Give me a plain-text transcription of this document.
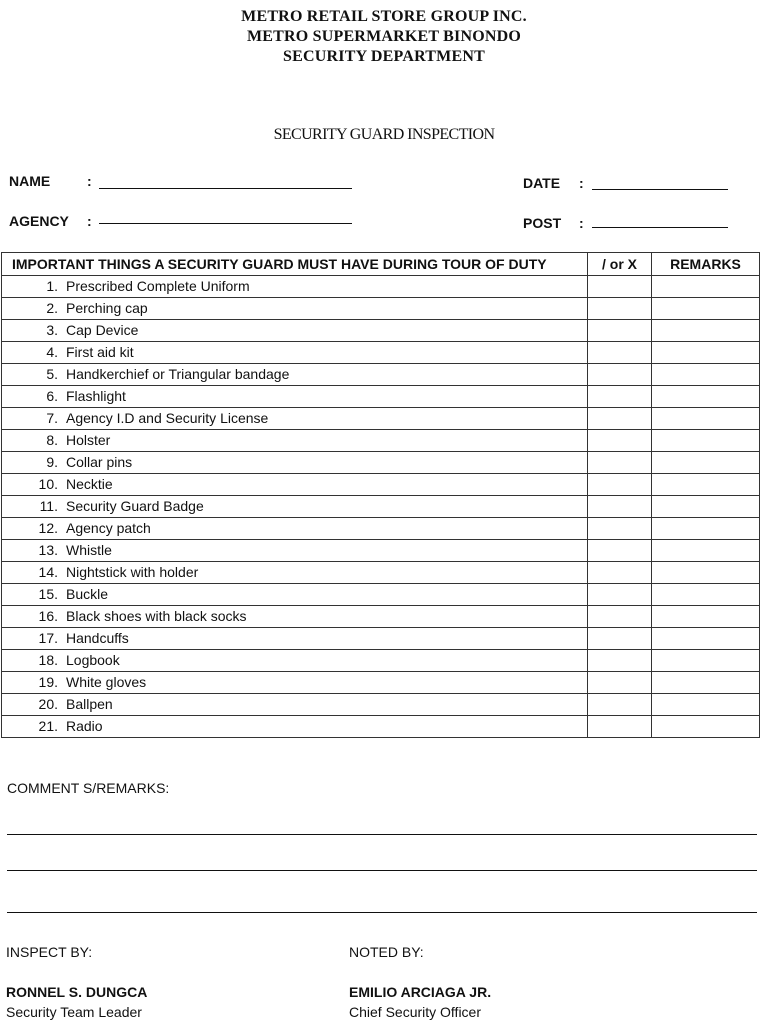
METRO RETAIL STORE GROUP INC.
METRO SUPERMARKET BINONDO
SECURITY DEPARTMENT
SECURITY GUARD INSPECTION
NAME	:	DATE :
AGENCY :	POST :
IMPORTANT THINGS A SECURITY GUARD MUST HAVE DURING TOUR OF DUTY	/ or X	REMARKS
1. Prescribed Complete Uniform		
2. Perching cap		
3. Cap Device		
4. First aid kit		
5. Handkerchief or Triangular bandage		
6. Flashlight		
7. Agency I.D and Security License		
8. Holster		
9. Collar pins		
10. Necktie		
11. Security Guard Badge		
12. Agency patch		
13. Whistle		
14. Nightstick with holder		
15. Buckle		
16. Black shoes with black socks		
17. Handcuffs		
18. Logbook		
19. White gloves		
20. Ballpen		
21. Radio		
COMMENT S/REMARKS:
INSPECT BY:
RONNEL S. DUNGCA
Security Team Leader
NOTED BY:
EMILIO ARCIAGA JR.
Chief Security Officer
